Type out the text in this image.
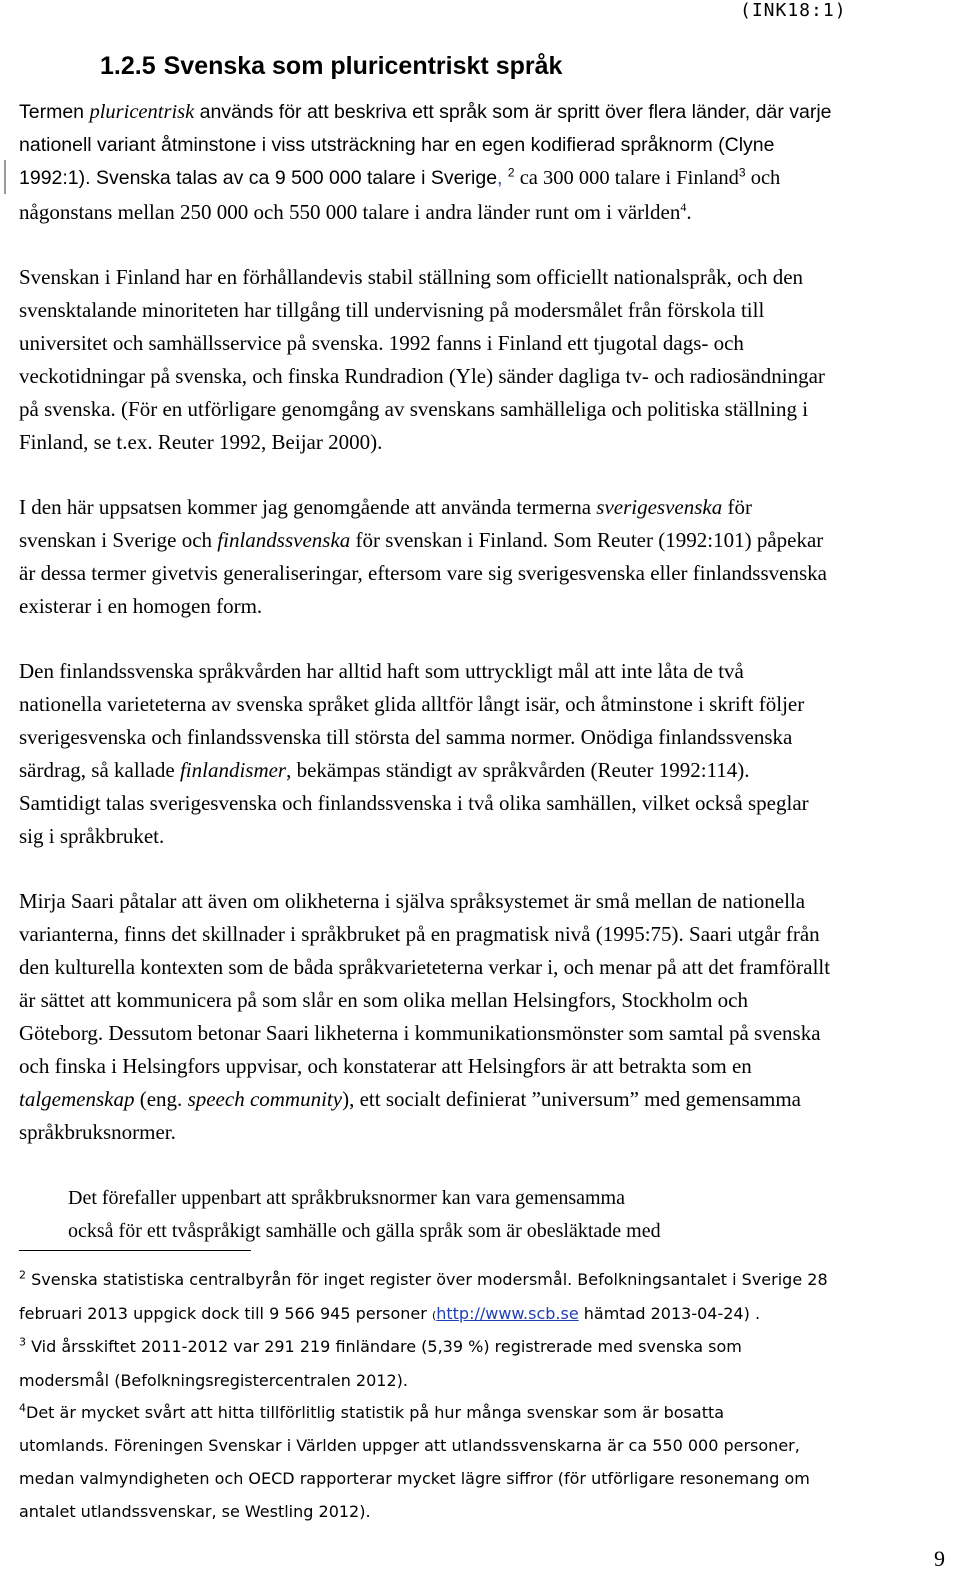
(INK18:1)
1.2.5 Svenska som pluricentriskt språk
Termen pluricentrisk används för att beskriva ett språk som är spritt över flera länder, där varje
nationell variant åtminstone i viss utsträckning har en egen kodifierad språknorm (Clyne
1992:1). Svenska talas av ca 9 500 000 talare i Sverige, $^2$ ca 300 000 talare i Finland$^3$ och
någonstans mellan 250 000 och 550 000 talare i andra länder runt om i världen$^4$.
Svenskan i Finland har en förhållandevis stabil ställning som officiellt nationalspråk, och den
svensktalande minoriteten har tillgång till undervisning på modersmålet från förskola till
universitet och samhällsservice på svenska. 1992 fanns i Finland ett tjugotal dags- och
veckotidningar på svenska, och finska Rundradion (Yle) sänder dagliga tv- och radiosändningar
på svenska. (För en utförligare genomgång av svenskans samhälleliga och politiska ställning i
Finland, se t.ex. Reuter 1992, Beijar 2000).
I den här uppsatsen kommer jag genomgående att använda termerna sverigesvenska för
svenskan i Sverige och finlandssvenska för svenskan i Finland. Som Reuter (1992:101) påpekar
är dessa termer givetvis generaliseringar, eftersom vare sig sverigesvenska eller finlandssvenska
existerar i en homogen form.
Den finlandssvenska språkvården har alltid haft som uttryckligt mål att inte låta de två
nationella varieteterna av svenska språket glida alltför långt isär, och åtminstone i skrift följer
sverigesvenska och finlandssvenska till största del samma normer. Onödiga finlandssvenska
särdrag, så kallade finlandismer, bekämpas ständigt av språkvården (Reuter 1992:114).
Samtidigt talas sverigesvenska och finlandssvenska i två olika samhällen, vilket också speglar
sig i språkbruket.
Mirja Saari påtalar att även om olikheterna i själva språksystemet är små mellan de nationella
varianterna, finns det skillnader i språkbruket på en pragmatisk nivå (1995:75). Saari utgår från
den kulturella kontexten som de båda språkvarieteterna verkar i, och menar på att det framförallt
är sättet att kommunicera på som slår en som olika mellan Helsingfors, Stockholm och
Göteborg. Dessutom betonar Saari likheterna i kommunikationsmönster som samtal på svenska
och finska i Helsingfors uppvisar, och konstaterar att Helsingfors är att betrakta som en
talgemenskap (eng. speech community), ett socialt definierat ”universum” med gemensamma
språkbruksnormer.
Det förefaller uppenbart att språkbruksnormer kan vara gemensamma
också för ett tvåspråkigt samhälle och gälla språk som är obesläktade med
$^2$ Svenska statistiska centralbyrån för inget register över modersmål. Befolkningsantalet i Sverige 28
februari 2013 uppgick dock till 9 566 945 personer (http://www.scb.se hämtad 2013-04-24) .
$^3$ Vid årsskiftet 2011-2012 var 291 219 finländare (5,39 %) registrerade med svenska som
modersmål (Befolkningsregistercentralen 2012).
$^4$Det är mycket svårt att hitta tillförlitlig statistik på hur många svenskar som är bosatta
utomlands. Föreningen Svenskar i Världen uppger att utlandssvenskarna är ca 550 000 personer,
medan valmyndigheten och OECD rapporterar mycket lägre siffror (för utförligare resonemang om
antalet utlandssvenskar, se Westling 2012).
9
